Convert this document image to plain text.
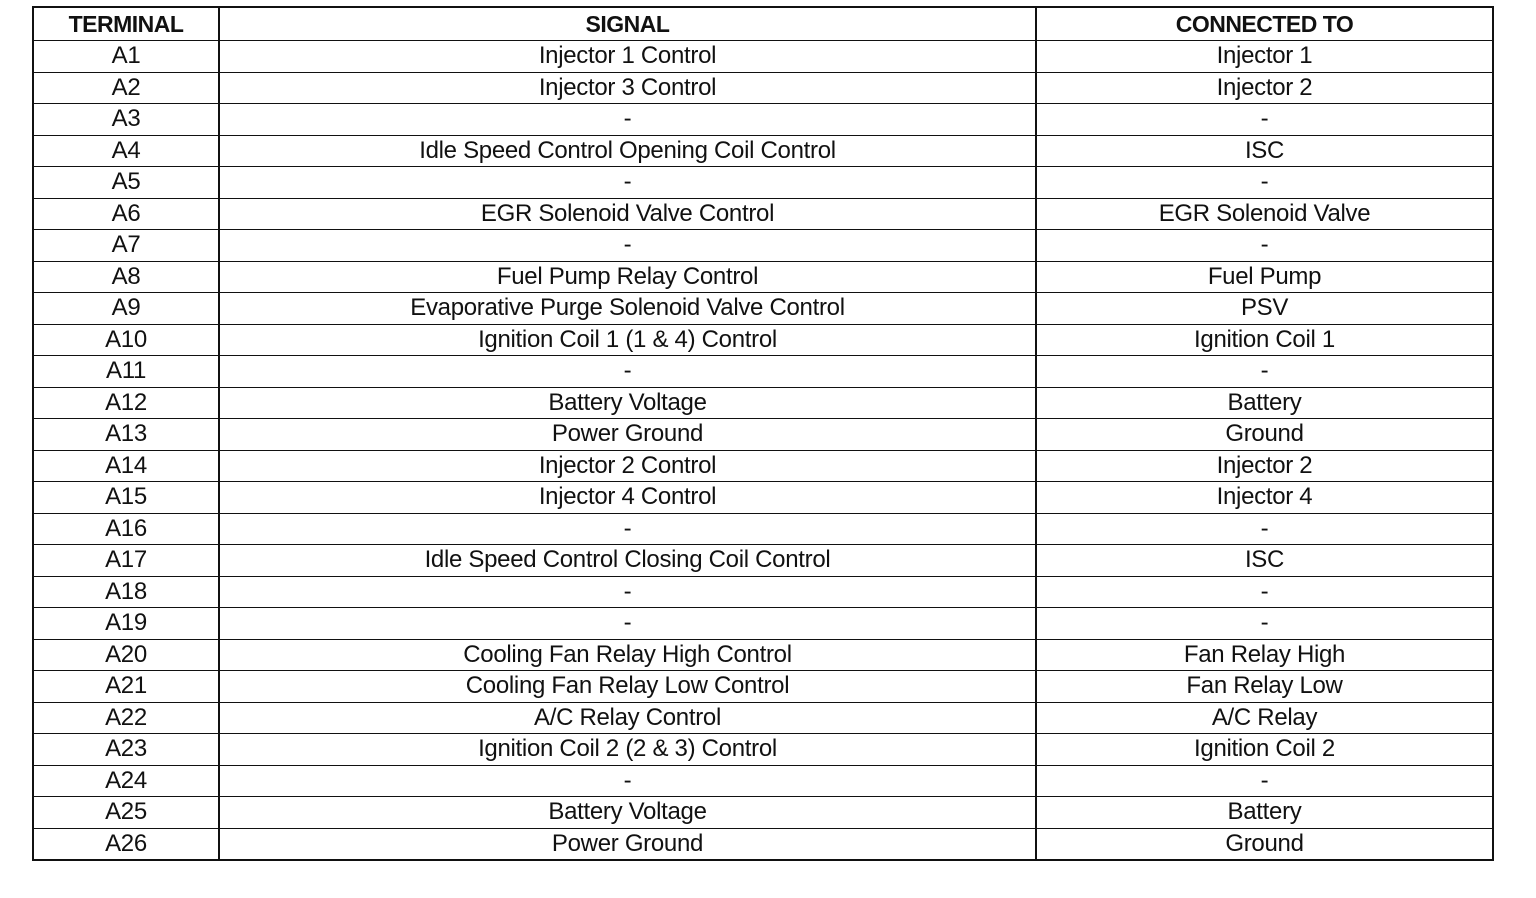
TERMINAL	SIGNAL	CONNECTED TO
A1	Injector 1 Control	Injector 1
A2	Injector 3 Control	Injector 2
A3	-	-
A4	Idle Speed Control Opening Coil Control	ISC
A5	-	-
A6	EGR Solenoid Valve Control	EGR Solenoid Valve
A7	-	-
A8	Fuel Pump Relay Control	Fuel Pump
A9	Evaporative Purge Solenoid Valve Control	PSV
A10	Ignition Coil 1 (1 & 4) Control	Ignition Coil 1
A11	-	-
A12	Battery Voltage	Battery
A13	Power Ground	Ground
A14	Injector 2 Control	Injector 2
A15	Injector 4 Control	Injector 4
A16	-	-
A17	Idle Speed Control Closing Coil Control	ISC
A18	-	-
A19	-	-
A20	Cooling Fan Relay High Control	Fan Relay High
A21	Cooling Fan Relay Low Control	Fan Relay Low
A22	A/C Relay Control	A/C Relay
A23	Ignition Coil 2 (2 & 3) Control	Ignition Coil 2
A24	-	-
A25	Battery Voltage	Battery
A26	Power Ground	Ground
